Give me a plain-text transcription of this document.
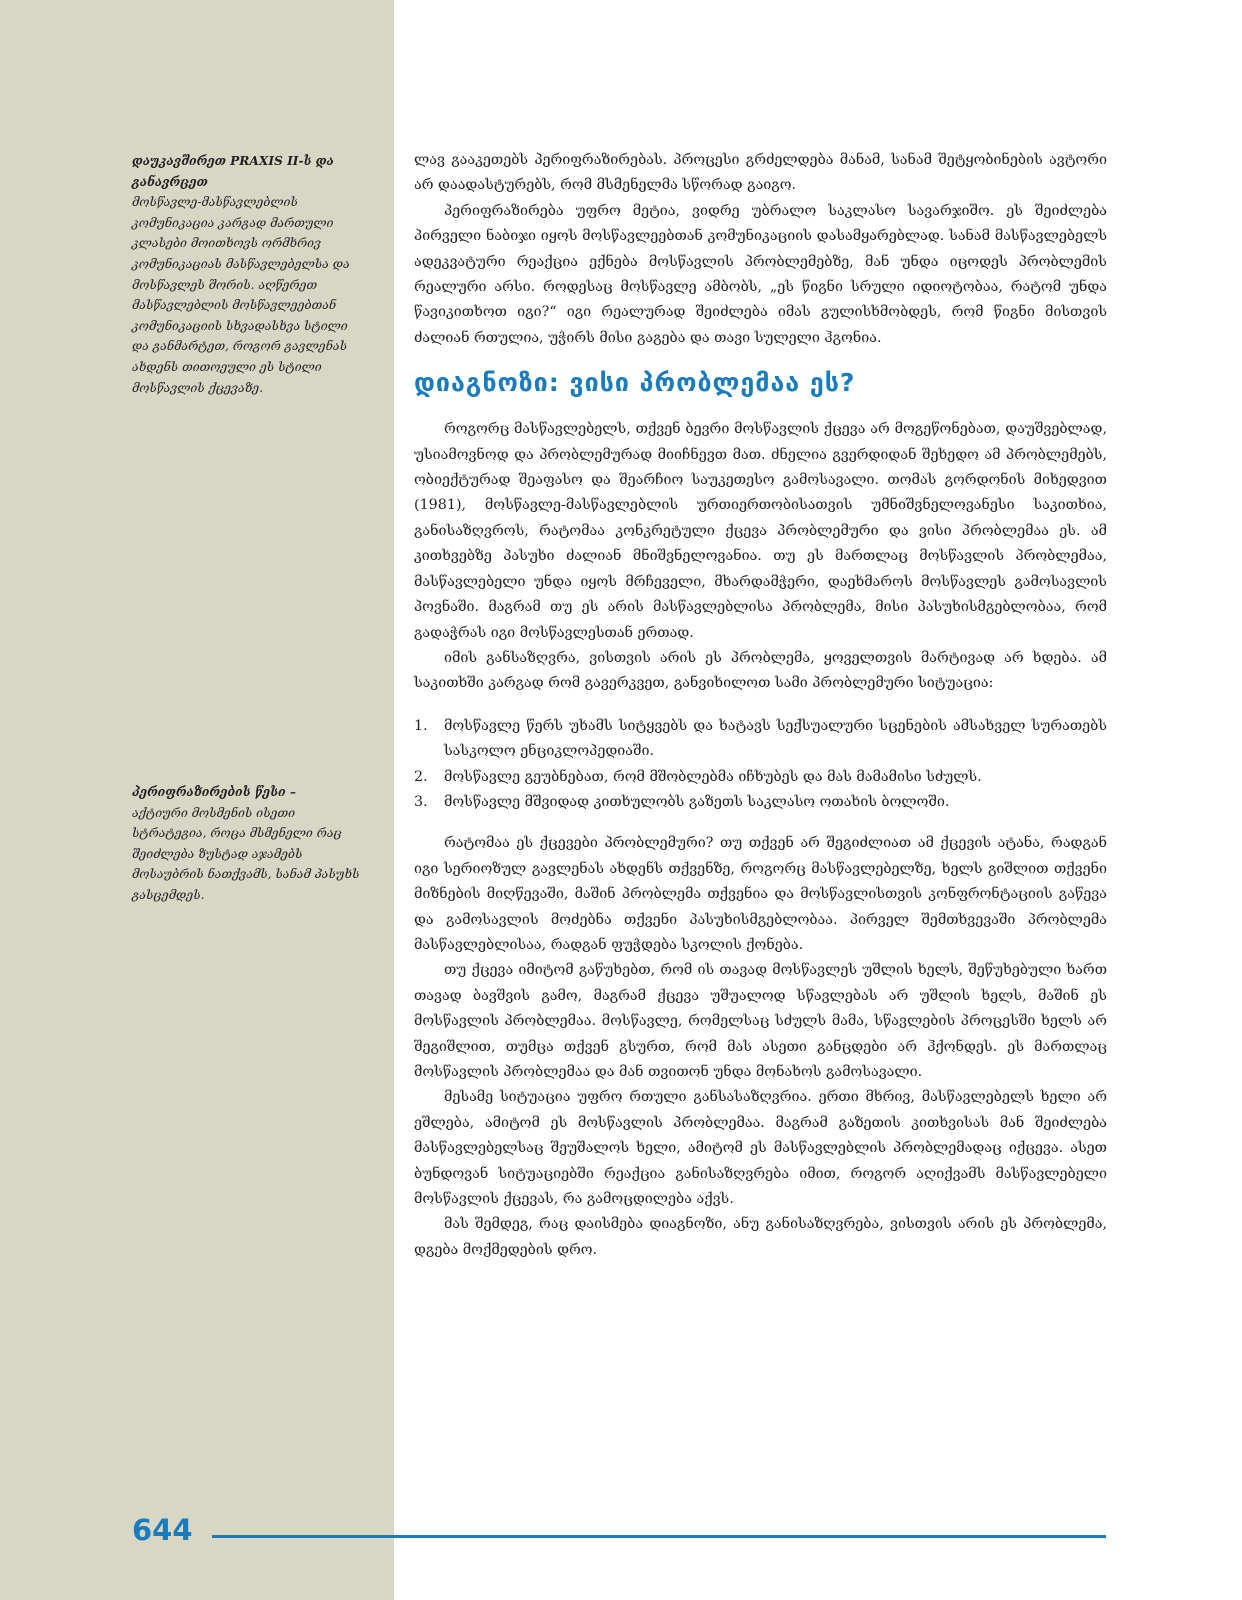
დაუკავშირეთ PRAXIS II-ს და განავრცეთ
მოსწავლე-მასწავლებლის კომუნიკაცია კარგად მართული კლასები მოითხოვს ორმხრივ კომუნიკაციას მასწავლებელსა და მოსწავლეს შორის. აღწერეთ მასწავლებლის მოსწავლეებთან კომუნიკაციის სხვადასხვა სტილი და განმარტეთ, როგორ გავლენას ახდენს თითოეული ეს სტილი მოსწავლის ქცევაზე.
პერიფრაზირების წესი –
აქტიური მოსმენის ისეთი სტრატეგია, როცა მსმენელი რაც შეიძლება ზუსტად აჯამებს მოსაუბრის ნათქვამს, სანამ პასუხს გასცემდეს.

ლავ გააკეთებს პერიფრაზირებას. პროცესი გრძელდება მანამ, სანამ შეტყობინების ავტორი არ დაადასტურებს, რომ მსმენელმა სწორად გაიგო.

პერიფრაზირება უფრო მეტია, ვიდრე უბრალო საკლასო სავარჯიშო. ეს შეიძლება პირველი ნაბიჯი იყოს მოსწავლეებთან კომუნიკაციის დასამყარებლად. სანამ მასწავლებელს ადეკვატური რეაქცია ექნება მოსწავლის პრობლემებზე, მან უნდა იცოდეს პრობლემის რეალური არსი. როდესაც მოსწავლე ამბობს, „ეს წიგნი სრული იდიოტობაა, რატომ უნდა წავიკითხოთ იგი?“ იგი რეალურად შეიძლება იმას გულისხმობდეს, რომ წიგნი მისთვის ძალიან რთულია, უჭირს მისი გაგება და თავი სულელი ჰგონია.

დიაგნოზი: ვისი პრობლემაა ეს?

როგორც მასწავლებელს, თქვენ ბევრი მოსწავლის ქცევა არ მოგეწონებათ, დაუშვებლად, უსიამოვნოდ და პრობლემურად მიიჩნევთ მათ. ძნელია გვერდიდან შეხედო ამ პრობლემებს, ობიექტურად შეაფასო და შეარჩიო საუკეთესო გამოსავალი. თომას გორდონის მიხედვით (1981), მოსწავლე-მასწავლებლის ურთიერთობისათვის უმნიშვნელოვანესი საკითხია, განისაზღვროს, რატომაა კონკრეტული ქცევა პრობლემური და ვისი პრობლემაა ეს. ამ კითხვებზე პასუხი ძალიან მნიშვნელოვანია. თუ ეს მართლაც მოსწავლის პრობლემაა, მასწავლებელი უნდა იყოს მრჩეველი, მხარდამჭერი, დაეხმაროს მოსწავლეს გამოსავლის პოვნაში. მაგრამ თუ ეს არის მასწავლებლისა პრობლემა, მისი პასუხისმგებლობაა, რომ გადაჭრას იგი მოსწავლესთან ერთად.

იმის განსაზღვრა, ვისთვის არის ეს პრობლემა, ყოველთვის მარტივად არ ხდება. ამ საკითხში კარგად რომ გავერკვეთ, განვიხილოთ სამი პრობლემური სიტუაცია:

1.	მოსწავლე წერს უხამს სიტყვებს და ხატავს სექსუალური სცენების ამსახველ სურათებს სასკოლო ენციკლოპედიაში.
2.	მოსწავლე გეუბნებათ, რომ მშობლებმა იჩხუბეს და მას მამამისი სძულს.
3.	მოსწავლე მშვიდად კითხულობს გაზეთს საკლასო ოთახის ბოლოში.

რატომაა ეს ქცევები პრობლემური? თუ თქვენ არ შეგიძლიათ ამ ქცევის ატანა, რადგან იგი სერიოზულ გავლენას ახდენს თქვენზე, როგორც მასწავლებელზე, ხელს გიშლით თქვენი მიზნების მიღწევაში, მაშინ პრობლემა თქვენია და მოსწავლისთვის კონფრონტაციის გაწევა და გამოსავლის მოძებნა თქვენი პასუხისმგებლობაა. პირველ შემთხვევაში პრობლემა მასწავლებლისაა, რადგან ფუჭდება სკოლის ქონება.

თუ ქცევა იმიტომ გაწუხებთ, რომ ის თავად მოსწავლეს უშლის ხელს, შეწუხებული ხართ თავად ბავშვის გამო, მაგრამ ქცევა უშუალოდ სწავლებას არ უშლის ხელს, მაშინ ეს მოსწავლის პრობლემაა. მოსწავლე, რომელსაც სძულს მამა, სწავლების პროცესში ხელს არ შეგიშლით, თუმცა თქვენ გსურთ, რომ მას ასეთი განცდები არ ჰქონდეს. ეს მართლაც მოსწავლის პრობლემაა და მან თვითონ უნდა მონახოს გამოსავალი.

მესამე სიტუაცია უფრო რთული განსასაზღვრია. ერთი მხრივ, მასწავლებელს ხელი არ ეშლება, ამიტომ ეს მოსწავლის პრობლემაა. მაგრამ გაზეთის კითხვისას მან შეიძლება მასწავლებელსაც შეუშალოს ხელი, ამიტომ ეს მასწავლებლის პრობლემადაც იქცევა. ასეთ ბუნდოვან სიტუაციებში რეაქცია განისაზღვრება იმით, როგორ აღიქვამს მასწავლებელი მოსწავლის ქცევას, რა გამოცდილება აქვს.

მას შემდეგ, რაც დაისმება დიაგნოზი, ანუ განისაზღვრება, ვისთვის არის ეს პრობლემა, დგება მოქმედების დრო.

644
